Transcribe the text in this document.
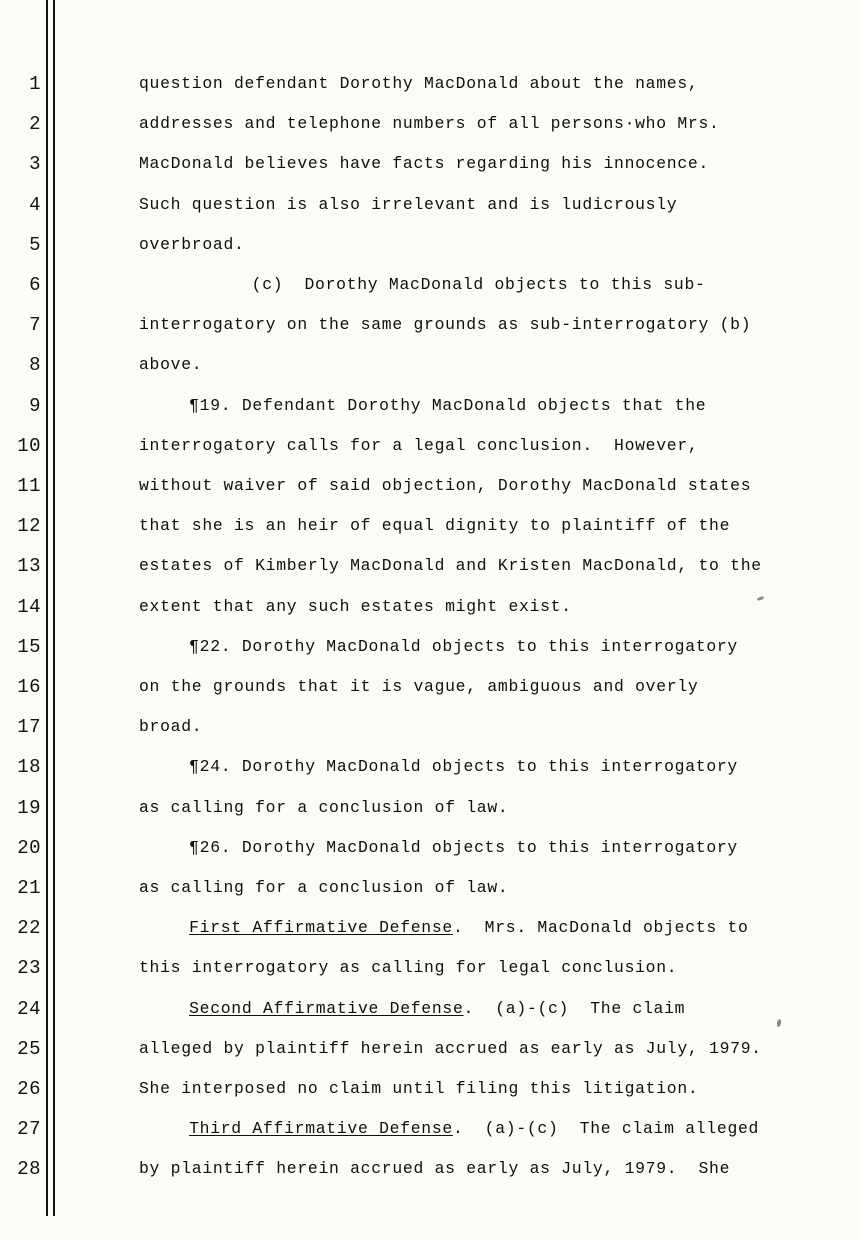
1
2
3
4
5
6
7
8
9
10
11
12
13
14
15
16
17
18
19
20
21
22
23
24
25
26
27
28
question defendant Dorothy MacDonald about the names,
addresses and telephone numbers of all persons·who Mrs.
MacDonald believes have facts regarding his innocence.
Such question is also irrelevant and is ludicrously
overbroad.
(c)  Dorothy MacDonald objects to this sub-
interrogatory on the same grounds as sub-interrogatory (b)
above.
¶19. Defendant Dorothy MacDonald objects that the
interrogatory calls for a legal conclusion.  However,
without waiver of said objection, Dorothy MacDonald states
that she is an heir of equal dignity to plaintiff of the
estates of Kimberly MacDonald and Kristen MacDonald, to the
extent that any such estates might exist.
¶22. Dorothy MacDonald objects to this interrogatory
on the grounds that it is vague, ambiguous and overly
broad.
¶24. Dorothy MacDonald objects to this interrogatory
as calling for a conclusion of law.
¶26. Dorothy MacDonald objects to this interrogatory
as calling for a conclusion of law.
First Affirmative Defense.  Mrs. MacDonald objects to
this interrogatory as calling for legal conclusion.
Second Affirmative Defense.  (a)-(c)  The claim
alleged by plaintiff herein accrued as early as July, 1979.
She interposed no claim until filing this litigation.
Third Affirmative Defense.  (a)-(c)  The claim alleged
by plaintiff herein accrued as early as July, 1979.  She
